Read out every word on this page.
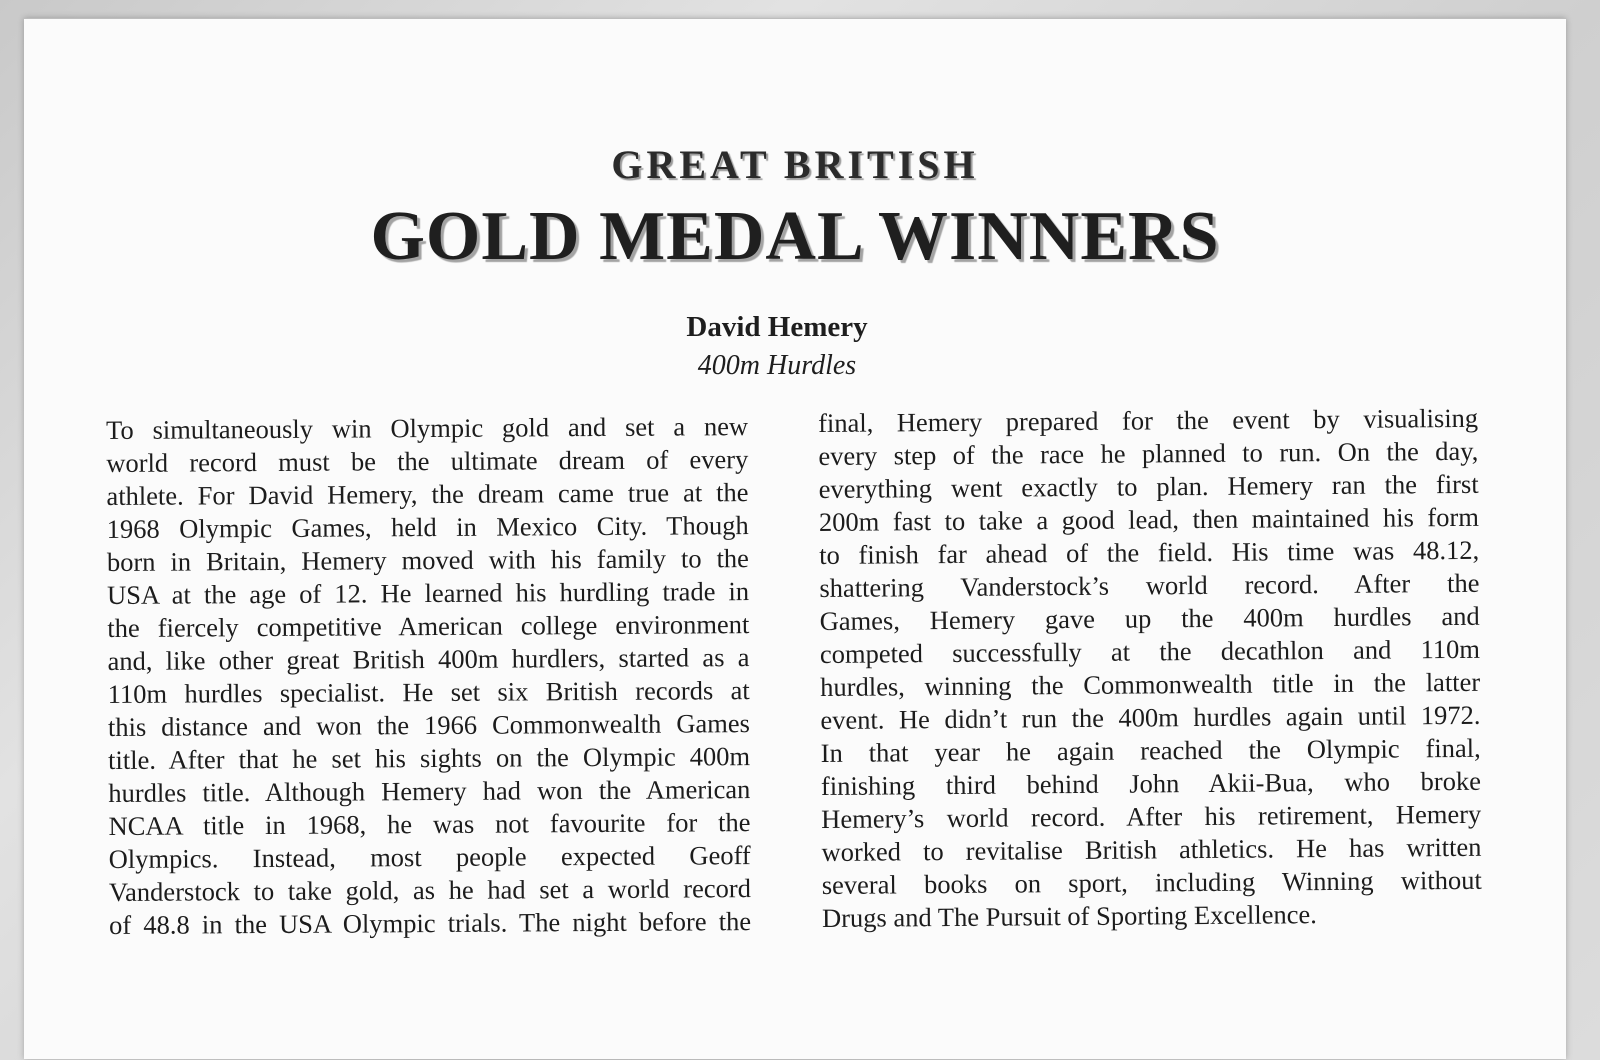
GREAT BRITISH
GOLD MEDAL WINNERS
David Hemery
400m Hurdles
To simultaneously win Olympic gold and set a new
world record must be the ultimate dream of every
athlete. For David Hemery, the dream came true at the
1968 Olympic Games, held in Mexico City. Though
born in Britain, Hemery moved with his family to the
USA at the age of 12. He learned his hurdling trade in
the fiercely competitive American college environment
and, like other great British 400m hurdlers, started as a
110m hurdles specialist. He set six British records at
this distance and won the 1966 Commonwealth Games
title. After that he set his sights on the Olympic 400m
hurdles title. Although Hemery had won the American
NCAA title in 1968, he was not favourite for the
Olympics. Instead, most people expected Geoff
Vanderstock to take gold, as he had set a world record
of 48.8 in the USA Olympic trials. The night before the
final, Hemery prepared for the event by visualising
every step of the race he planned to run. On the day,
everything went exactly to plan. Hemery ran the first
200m fast to take a good lead, then maintained his form
to finish far ahead of the field. His time was 48.12,
shattering Vanderstock’s world record. After the
Games, Hemery gave up the 400m hurdles and
competed successfully at the decathlon and 110m
hurdles, winning the Commonwealth title in the latter
event. He didn’t run the 400m hurdles again until 1972.
In that year he again reached the Olympic final,
finishing third behind John Akii-Bua, who broke
Hemery’s world record. After his retirement, Hemery
worked to revitalise British athletics. He has written
several books on sport, including Winning without
Drugs and The Pursuit of Sporting Excellence.
